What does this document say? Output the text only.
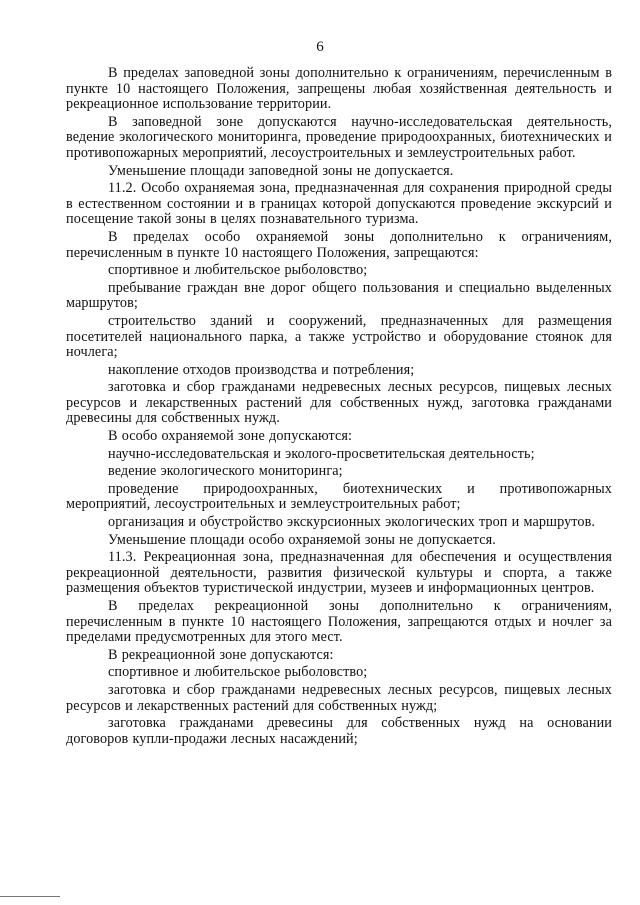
6

В пределах заповедной зоны дополнительно к ограничениям, перечисленным в пункте 10 настоящего Положения, запрещены любая хозяйственная деятельность и рекреационное использование территории.

В заповедной зоне допускаются научно-исследовательская деятельность, ведение экологического мониторинга, проведение природоохранных, биотехнических и противопожарных мероприятий, лесоустроительных и землеустроительных работ.

Уменьшение площади заповедной зоны не допускается.

11.2. Особо охраняемая зона, предназначенная для сохранения природной среды в естественном состоянии и в границах которой допускаются проведение экскурсий и посещение такой зоны в целях познавательного туризма.

В пределах особо охраняемой зоны дополнительно к ограничениям, перечисленным в пункте 10 настоящего Положения, запрещаются:

спортивное и любительское рыболовство;

пребывание граждан вне дорог общего пользования и специально выделенных маршрутов;

строительство зданий и сооружений, предназначенных для размещения посетителей национального парка, а также устройство и оборудование стоянок для ночлега;

накопление отходов производства и потребления;

заготовка и сбор гражданами недревесных лесных ресурсов, пищевых лесных ресурсов и лекарственных растений для собственных нужд, заготовка гражданами древесины для собственных нужд.

В особо охраняемой зоне допускаются:

научно-исследовательская и эколого-просветительская деятельность;

ведение экологического мониторинга;

проведение природоохранных, биотехнических и противопожарных мероприятий, лесоустроительных и землеустроительных работ;

организация и обустройство экскурсионных экологических троп и маршрутов.

Уменьшение площади особо охраняемой зоны не допускается.

11.3. Рекреационная зона, предназначенная для обеспечения и осуществления рекреационной деятельности, развития физической культуры и спорта, а также размещения объектов туристической индустрии, музеев и информационных центров.

В пределах рекреационной зоны дополнительно к ограничениям, перечисленным в пункте 10 настоящего Положения, запрещаются отдых и ночлег за пределами предусмотренных для этого мест.

В рекреационной зоне допускаются:

спортивное и любительское рыболовство;

заготовка и сбор гражданами недревесных лесных ресурсов, пищевых лесных ресурсов и лекарственных растений для собственных нужд;

заготовка гражданами древесины для собственных нужд на основании договоров купли-продажи лесных насаждений;
